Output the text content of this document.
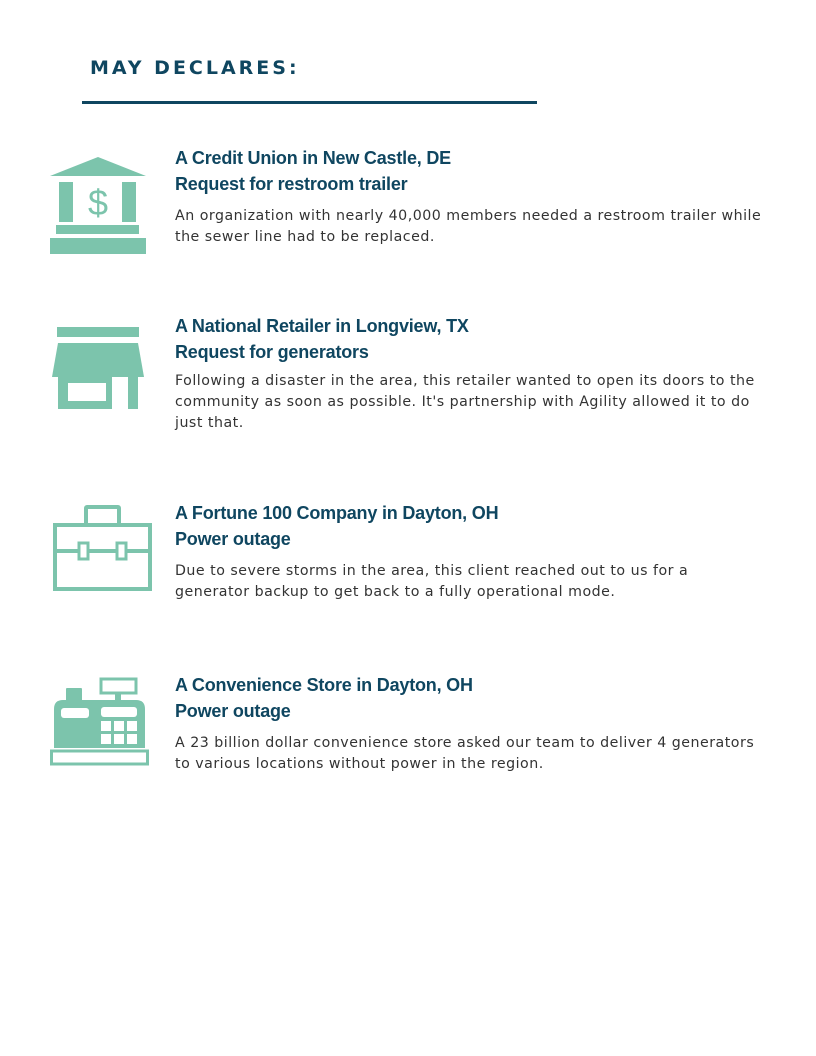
MAY DECLARES:
$
A Credit Union in New Castle, DE
Request for restroom trailer

An organization with nearly 40,000 members needed a restroom trailer while the sewer line had to be replaced.

A National Retailer in Longview, TX
Request for generators

Following a disaster in the area, this retailer wanted to open its doors to the community as soon as possible. It's partnership with Agility allowed it to do just that.

A Fortune 100 Company in Dayton, OH
Power outage

Due to severe storms in the area, this client reached out to us for a generator backup to get back to a fully operational mode.

A Convenience Store in Dayton, OH
Power outage

A 23 billion dollar convenience store asked our team to deliver 4 generators to various locations without power in the region.
